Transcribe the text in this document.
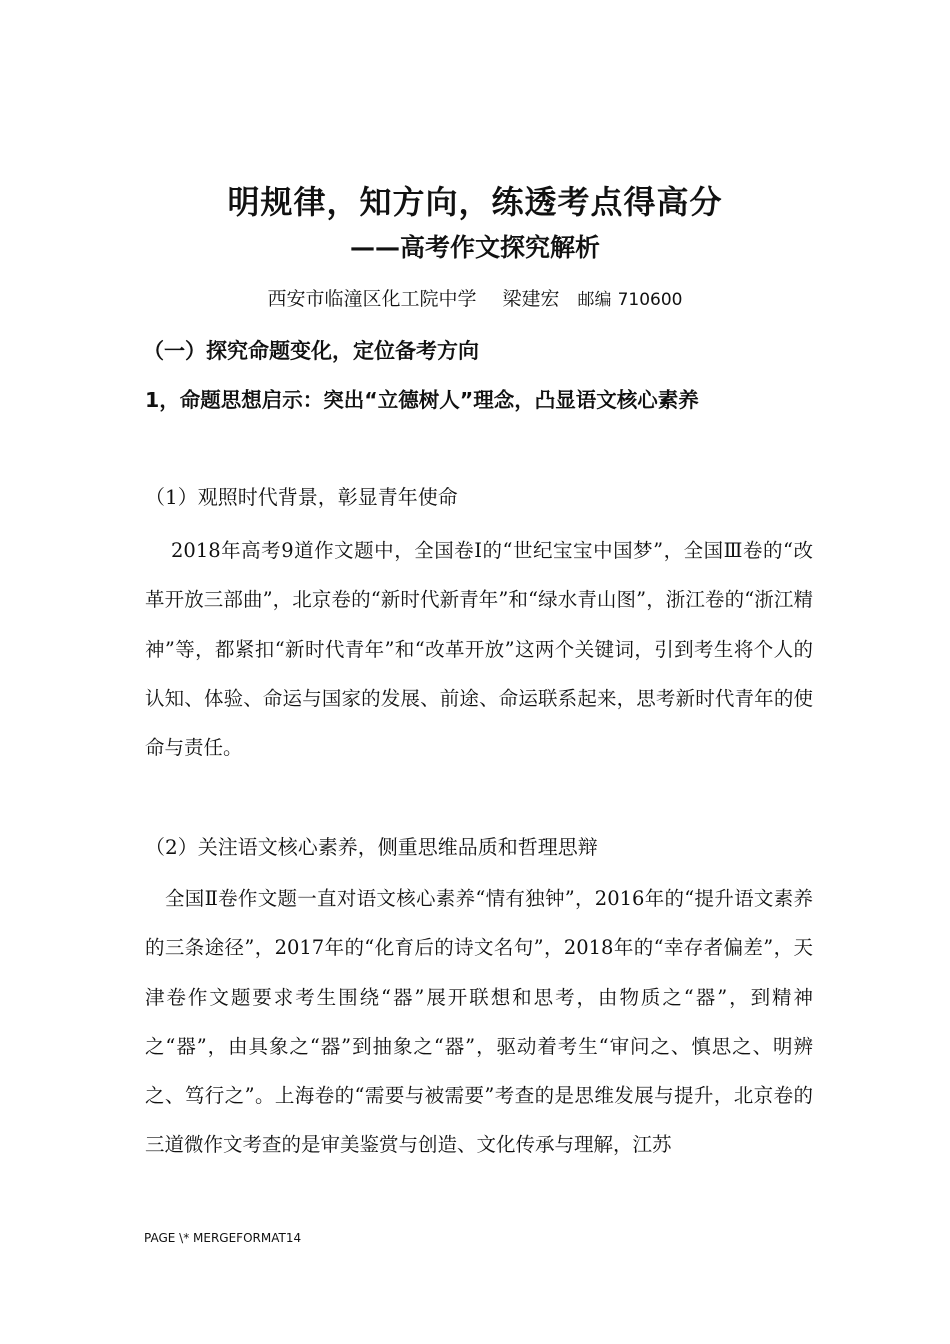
明规律，知方向，练透考点得高分
——高考作文探究解析

西安市临潼区化工院中学 梁建宏 邮编 710600

（一）探究命题变化，定位备考方向
1，命题思想启示：突出“立德树人”理念，凸显语文核心素养

（1）观照时代背景，彰显青年使命

2018年高考9道作文题中，全国卷Ⅰ的“世纪宝宝中国梦”，全国Ⅲ卷的“改革开放三部曲”，北京卷的“新时代新青年”和“绿水青山图”，浙江卷的“浙江精神”等，都紧扣“新时代青年”和“改革开放”这两个关键词，引到考生将个人的认知、体验、命运与国家的发展、前途、命运联系起来，思考新时代青年的使命与责任。

（2）关注语文核心素养，侧重思维品质和哲理思辩

全国Ⅱ卷作文题一直对语文核心素养“情有独钟”，2016年的“提升语文素养的三条途径”，2017年的“化育后的诗文名句”，2018年的“幸存者偏差”，天津卷作文题要求考生围绕“器”展开联想和思考，由物质之“器”，到精神之“器”，由具象之“器”到抽象之“器”，驱动着考生“审问之、慎思之、明辨之、笃行之”。上海卷的“需要与被需要”考查的是思维发展与提升，北京卷的三道微作文考查的是审美鉴赏与创造、文化传承与理解，江苏

PAGE \* MERGEFORMAT14
